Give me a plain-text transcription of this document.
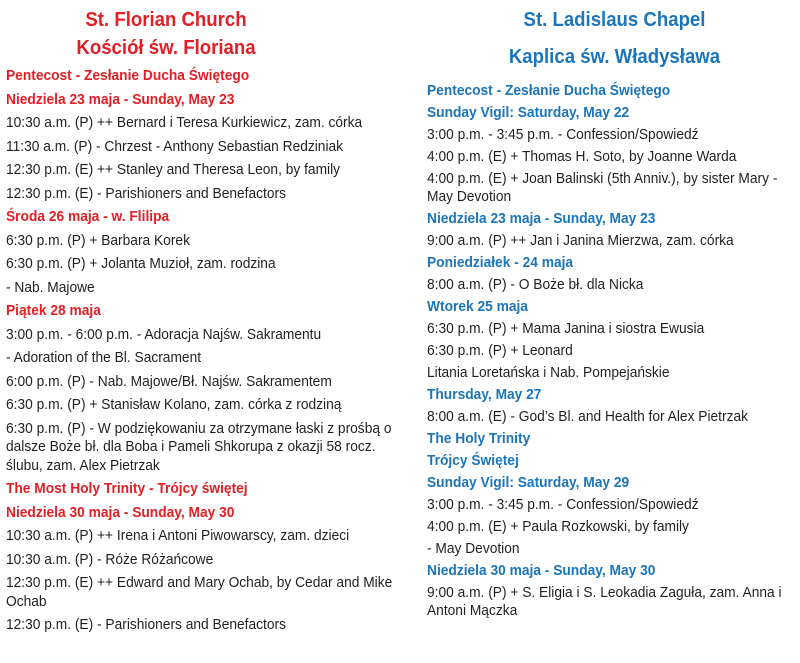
St. Florian Church
Kościół św. Floriana
Pentecost - Zesłanie Ducha Świętego
Niedziela 23 maja - Sunday, May 23
10:30 a.m. (P) ++ Bernard i Teresa Kurkiewicz, zam. córka
11:30 a.m. (P) - Chrzest - Anthony Sebastian Redziniak
12:30 p.m. (E) ++ Stanley and Theresa Leon, by family
12:30 p.m. (E) - Parishioners and Benefactors
Środa 26 maja - w. Flilipa
6:30 p.m. (P) + Barbara Korek
6:30 p.m. (P) + Jolanta Muzioł, zam. rodzina
- Nab. Majowe
Piątek 28 maja
3:00 p.m. - 6:00 p.m. - Adoracja Najśw. Sakramentu
- Adoration of the Bl. Sacrament
6:00 p.m. (P) - Nab. Majowe/Bł. Najśw. Sakramentem
6:30 p.m. (P) + Stanisław Kolano, zam. córka z rodziną
6:30 p.m. (P) - W podziękowaniu za otrzymane łaski z prośbą o dalsze Boże bł. dla Boba i Pameli Shkorupa z okazji 58 rocz. ślubu, zam. Alex Pietrzak
The Most Holy Trinity - Trójcy świętej
Niedziela 30 maja - Sunday, May 30
10:30 a.m. (P) ++ Irena i Antoni Piwowarscy, zam. dzieci
10:30 a.m. (P) - Róże Różańcowe
12:30 p.m. (E) ++ Edward and Mary Ochab, by Cedar and Mike Ochab
12:30 p.m. (E) - Parishioners and Benefactors
St. Ladislaus Chapel
Kaplica św. Władysława
Pentecost - Zesłanie Ducha Świętego
Sunday Vigil: Saturday, May 22
3:00 p.m. - 3:45 p.m. - Confession/Spowiedź
4:00 p.m. (E) + Thomas H. Soto, by Joanne Warda
4:00 p.m. (E) + Joan Balinski (5th Anniv.), by sister Mary - May Devotion
Niedziela 23 maja - Sunday, May 23
9:00 a.m. (P) ++ Jan i Janina Mierzwa, zam. córka
Poniedziałek - 24 maja
8:00 a.m. (P) - O Boże bł. dla Nicka
Wtorek 25 maja
6:30 p.m. (P) + Mama Janina i siostra Ewusia
6:30 p.m. (P) + Leonard
Litania Loretańska i Nab. Pompejańskie
Thursday, May 27
8:00 a.m. (E) - God’s Bl. and Health for Alex Pietrzak
The Holy Trinity
Trójcy Świętej
Sunday Vigil: Saturday, May 29
3:00 p.m. - 3:45 p.m. - Confession/Spowiedź
4:00 p.m. (E) + Paula Rozkowski, by family
- May Devotion
Niedziela 30 maja - Sunday, May 30
9:00 a.m. (P) + S. Eligia i S. Leokadia Zaguła, zam. Anna i Antoni Mączka
